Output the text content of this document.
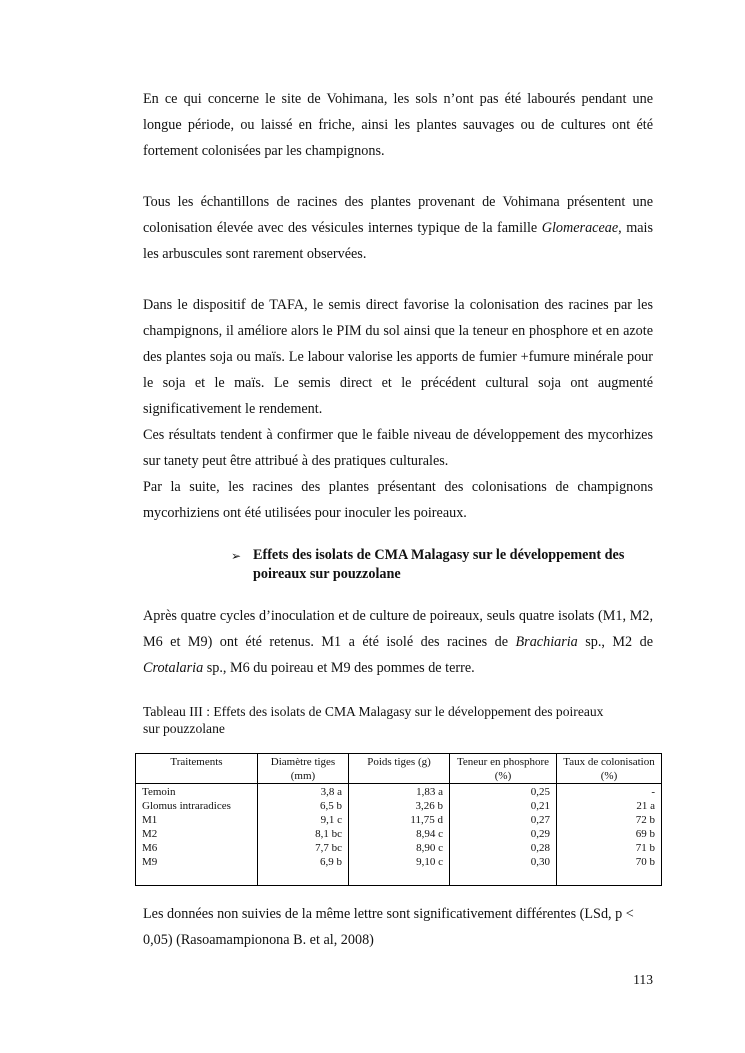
En ce qui concerne le site de Vohimana, les sols n’ont pas été labourés pendant une longue période, ou laissé en friche, ainsi les plantes sauvages ou de cultures ont été fortement colonisées par les champignons.

Tous les échantillons de racines des plantes provenant de Vohimana présentent une colonisation élevée avec des vésicules internes typique de la famille Glomeraceae, mais les arbuscules sont rarement observées.

Dans le dispositif de TAFA, le semis direct favorise la colonisation des racines par les champignons, il améliore alors le PIM du sol ainsi que la teneur en phosphore et en azote des plantes soja ou maïs. Le labour valorise les apports de fumier +fumure minérale pour le soja et le maïs. Le semis direct et le précédent cultural soja ont augmenté significativement le rendement.

Ces résultats tendent à confirmer que le faible niveau de développement des mycorhizes sur tanety peut être attribué à des pratiques culturales.

Par la suite, les racines des plantes présentant des colonisations de champignons mycorhiziens ont été utilisées pour inoculer les poireaux.

➢ Effets des isolats de CMA Malagasy sur le développement des poireaux sur pouzzolane

Après quatre cycles d’inoculation et de culture de poireaux, seuls quatre isolats (M1, M2, M6 et M9) ont été retenus. M1 a été isolé des racines de Brachiaria sp., M2 de Crotalaria sp., M6 du poireau et M9 des pommes de terre.

Tableau III : Effets des isolats de CMA Malagasy sur le développement des poireaux sur pouzzolane

Traitements	Diamètre tiges (mm)	Poids tiges (g)	Teneur en phosphore (%)	Taux de colonisation (%)
Temoin	3,8 a	1,83 a	0,25	-
Glomus intraradices	6,5 b	3,26 b	0,21	21 a
M1	9,1 c	11,75 d	0,27	72 b
M2	8,1 bc	8,94 c	0,29	69 b
M6	7,7 bc	8,90 c	0,28	71 b
M9	6,9 b	9,10 c	0,30	70 b

Les données non suivies de la même lettre sont significativement différentes (LSd, p < 0,05) (Rasoamampionona B. et al, 2008)

113
